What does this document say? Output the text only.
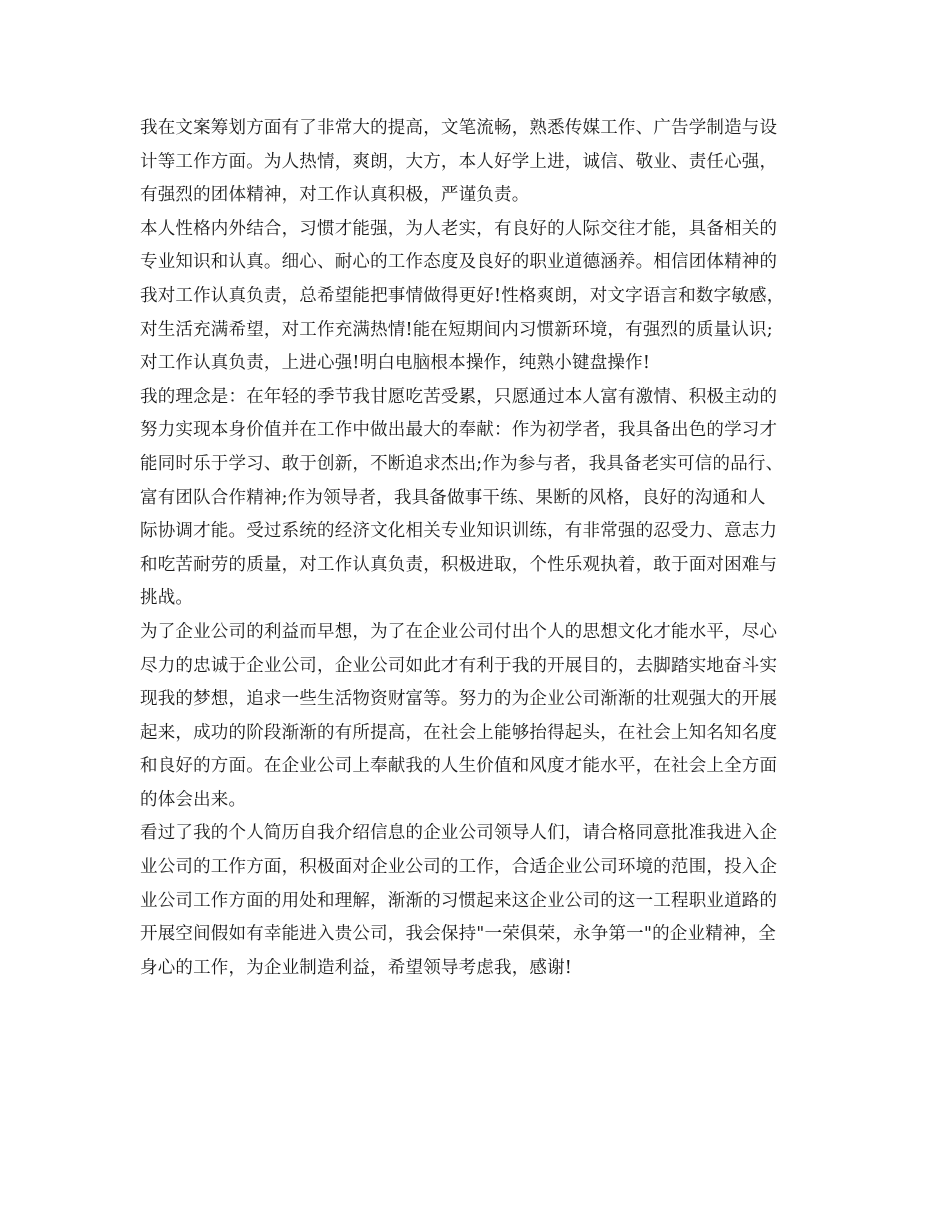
我在文案筹划方面有了非常大的提高，文笔流畅，熟悉传媒工作、广告学制造与设
计等工作方面。为人热情，爽朗，大方，本人好学上进，诚信、敬业、责任心强，
有强烈的团体精神，对工作认真积极，严谨负责。
本人性格内外结合，习惯才能强，为人老实，有良好的人际交往才能，具备相关的
专业知识和认真。细心、耐心的工作态度及良好的职业道德涵养。相信团体精神的
我对工作认真负责，总希望能把事情做得更好!性格爽朗，对文字语言和数字敏感，
对生活充满希望，对工作充满热情!能在短期间内习惯新环境，有强烈的质量认识;
对工作认真负责，上进心强!明白电脑根本操作，纯熟小键盘操作!
我的理念是：在年轻的季节我甘愿吃苦受累，只愿通过本人富有激情、积极主动的
努力实现本身价值并在工作中做出最大的奉献：作为初学者，我具备出色的学习才
能同时乐于学习、敢于创新，不断追求杰出;作为参与者，我具备老实可信的品行、
富有团队合作精神;作为领导者，我具备做事干练、果断的风格，良好的沟通和人
际协调才能。受过系统的经济文化相关专业知识训练，有非常强的忍受力、意志力
和吃苦耐劳的质量，对工作认真负责，积极进取，个性乐观执着，敢于面对困难与
挑战。
为了企业公司的利益而早想，为了在企业公司付出个人的思想文化才能水平，尽心
尽力的忠诚于企业公司，企业公司如此才有利于我的开展目的，去脚踏实地奋斗实
现我的梦想，追求一些生活物资财富等。努力的为企业公司渐渐的壮观强大的开展
起来，成功的阶段渐渐的有所提高，在社会上能够抬得起头，在社会上知名知名度
和良好的方面。在企业公司上奉献我的人生价值和风度才能水平，在社会上全方面
的体会出来。
看过了我的个人简历自我介绍信息的企业公司领导人们，请合格同意批准我进入企
业公司的工作方面，积极面对企业公司的工作，合适企业公司环境的范围，投入企
业公司工作方面的用处和理解，渐渐的习惯起来这企业公司的这一工程职业道路的
开展空间假如有幸能进入贵公司，我会保持"一荣俱荣，永争第一"的企业精神，全
身心的工作，为企业制造利益，希望领导考虑我，感谢!
